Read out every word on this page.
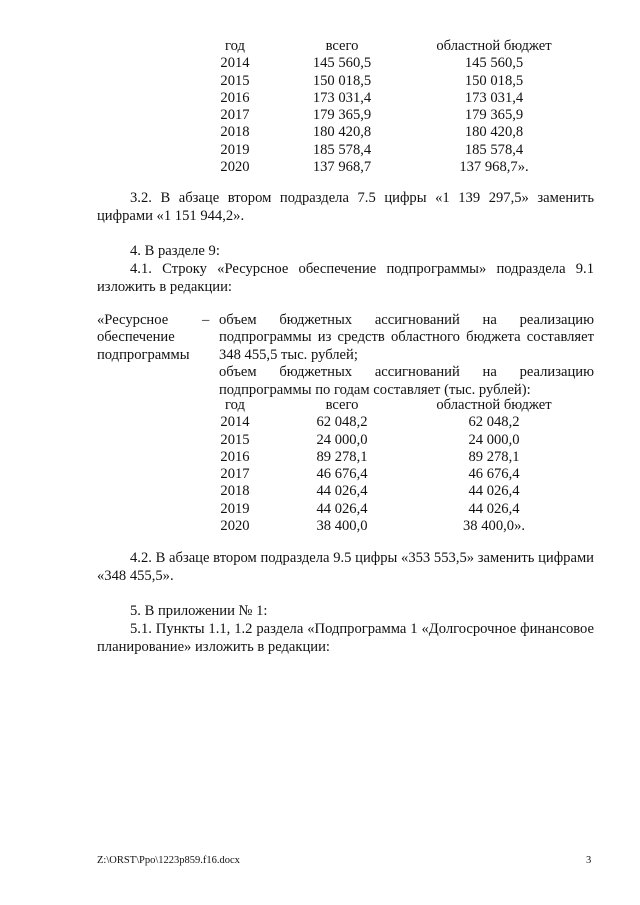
год	всего	областной бюджет
2014	145 560,5	145 560,5
2015	150 018,5	150 018,5
2016	173 031,4	173 031,4
2017	179 365,9	179 365,9
2018	180 420,8	180 420,8
2019	185 578,4	185 578,4
2020	137 968,7	137 968,7».
3.2. В абзаце втором подраздела 7.5 цифры «1 139 297,5» заменить
цифрами «1 151 944,2».
4. В разделе 9:
4.1. Строку «Ресурсное обеспечение подпрограммы» подраздела 9.1
изложить в редакции:
«Ресурсное
обеспечение
подпрограммы
– объем бюджетных ассигнований на реализацию
подпрограммы из средств областного бюджета составляет
348 455,5 тыс. рублей;
объем бюджетных ассигнований на реализацию
подпрограммы по годам составляет (тыс. рублей):
год	всего	областной бюджет
2014	62 048,2	62 048,2
2015	24 000,0	24 000,0
2016	89 278,1	89 278,1
2017	46 676,4	46 676,4
2018	44 026,4	44 026,4
2019	44 026,4	44 026,4
2020	38 400,0	38 400,0».
4.2. В абзаце втором подраздела 9.5 цифры «353 553,5» заменить цифрами
«348 455,5».
5. В приложении № 1:
5.1. Пункты 1.1, 1.2 раздела «Подпрограмма 1 «Долгосрочное финансовое
планирование» изложить в редакции:
Z:\ORST\Ppo\1223p859.f16.docx	3
